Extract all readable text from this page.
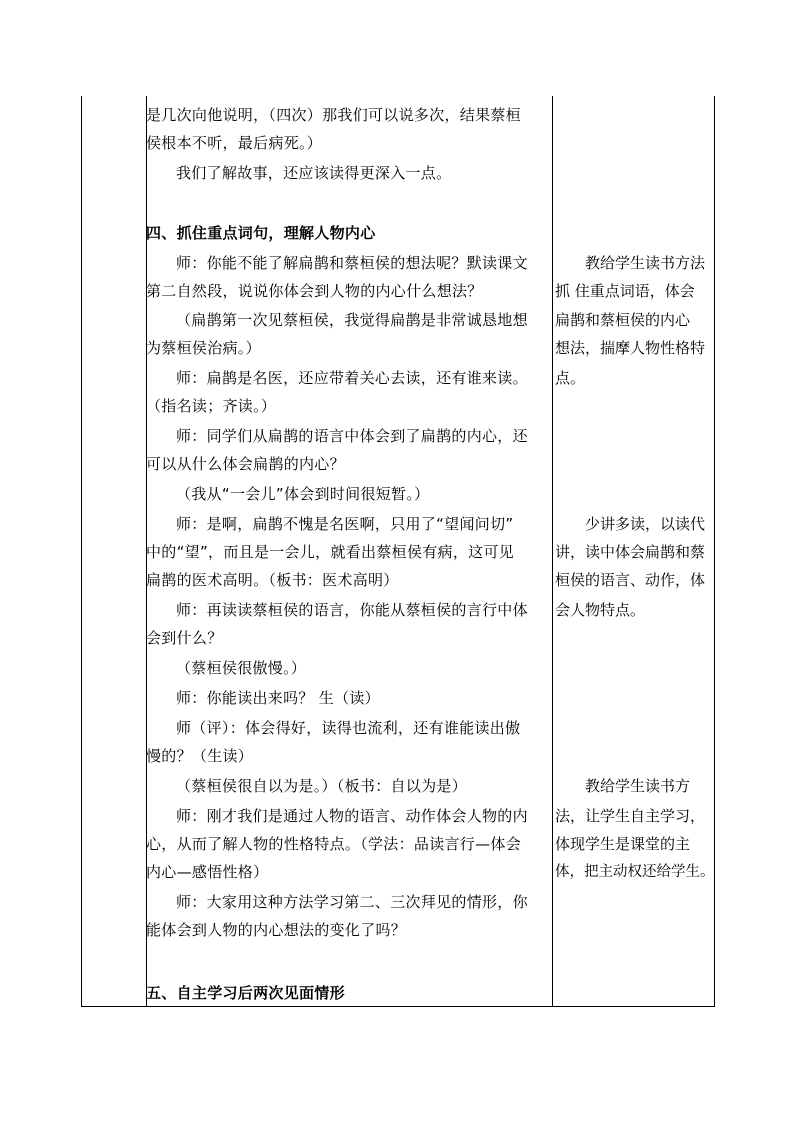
是几次向他说明，（四次）那我们可以说多次，结果蔡桓
侯根本不听，最后病死。）
我们了解故事，还应该读得更深入一点。
四、抓住重点词句，理解人物内心
师：你能不能了解扁鹊和蔡桓侯的想法呢？默读课文
第二自然段，说说你体会到人物的内心什么想法？
（扁鹊第一次见蔡桓侯，我觉得扁鹊是非常诚恳地想
为蔡桓侯治病。）
师：扁鹊是名医，还应带着关心去读，还有谁来读。
（指名读；齐读。）
师：同学们从扁鹊的语言中体会到了扁鹊的内心，还
可以从什么体会扁鹊的内心？
（我从“一会儿”体会到时间很短暂。）
师：是啊，扁鹊不愧是名医啊，只用了“望闻问切”
中的“望”，而且是一会儿，就看出蔡桓侯有病，这可见
扁鹊的医术高明。（板书：医术高明）
师：再读读蔡桓侯的语言，你能从蔡桓侯的言行中体
会到什么？
（蔡桓侯很傲慢。）
师：你能读出来吗？ 生（读）
师（评）：体会得好，读得也流利，还有谁能读出傲
慢的？（生读）
（蔡桓侯很自以为是。）（板书：自以为是）
师：刚才我们是通过人物的语言、动作体会人物的内
心，从而了解人物的性格特点。（学法：品读言行—体会
内心—感悟性格）
师：大家用这种方法学习第二、三次拜见的情形，你
能体会到人物的内心想法的变化了吗？
五、自主学习后两次见面情形
教给学生读书方法
抓 住重点词语，体会
扁鹊和蔡桓侯的内心
想法，揣摩人物性格特
点。
少讲多读，以读代
讲，读中体会扁鹊和蔡
桓侯的语言、动作，体
会人物特点。
教给学生读书方
法，让学生自主学习，
体现学生是课堂的主
体，把主动权还给学生。
